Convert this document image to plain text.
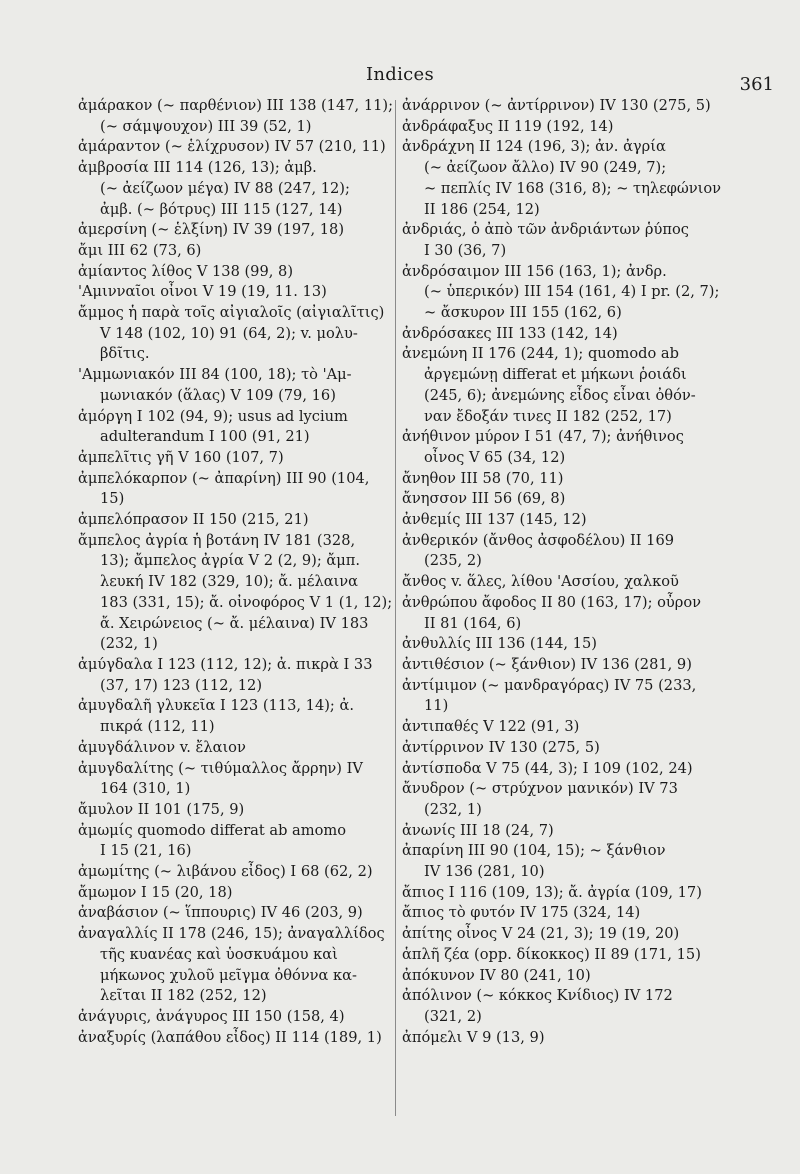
Indices	361
ἀμάρακον (~ παρθένιον) III 138 (147, 11);
(~ σάμψουχον) III 39 (52, 1)
ἀμάραντον (~ ἑλίχρυσον) IV 57 (210, 11)
ἀμβροσία III 114 (126, 13); ἀμβ.
(~ ἀείζωον μέγα) IV 88 (247, 12);
ἀμβ. (~ βότρυς) III 115 (127, 14)
ἀμερσίνη (~ ἑλξίνη) IV 39 (197, 18)
ἄμι III 62 (73, 6)
ἀμίαντος λίθος V 138 (99, 8)
'Αμινναῖοι οἶνοι V 19 (19, 11. 13)
ἄμμος ἡ παρὰ τοῖς αἰγιαλοῖς (αἰγιαλῖτις)
V 148 (102, 10) 91 (64, 2); v. μολυ-
βδῖτις.
'Αμμωνιακόν III 84 (100, 18); τὸ 'Αμ-
μωνιακόν (ἅλας) V 109 (79, 16)
ἀμόργη I 102 (94, 9); usus ad lycium
adulterandum I 100 (91, 21)
ἀμπελῖτις γῆ V 160 (107, 7)
ἀμπελόκαρπον (~ ἀπαρίνη) III 90 (104,
15)
ἀμπελόπρασον II 150 (215, 21)
ἄμπελος ἀγρία ἡ βοτάνη IV 181 (328,
13); ἄμπελος ἀγρία V 2 (2, 9); ἄμπ.
λευκή IV 182 (329, 10); ἄ. μέλαινα
183 (331, 15); ἄ. οἰνοφόρος V 1 (1, 12);
ἄ. Χειρώνειος (~ ἄ. μέλαινα) IV 183
(232, 1)
ἀμύγδαλα I 123 (112, 12); ἀ. πικρὰ I 33
(37, 17) 123 (112, 12)
ἀμυγδαλῆ γλυκεῖα I 123 (113, 14); ἀ.
πικρά (112, 11)
ἀμυγδάλινον v. ἔλαιον
ἀμυγδαλίτης (~ τιθύμαλλος ἄρρην) IV
164 (310, 1)
ἄμυλον II 101 (175, 9)
ἀμωμίς quomodo differat ab amomo
I 15 (21, 16)
ἀμωμίτης (~ λιβάνου εἶδος) I 68 (62, 2)
ἄμωμον I 15 (20, 18)
ἀναβάσιον (~ ἵππουρις) IV 46 (203, 9)
ἀναγαλλίς II 178 (246, 15); ἀναγαλλίδος
τῆς κυανέας καὶ ὑοσκυάμου καὶ
μήκωνος χυλοῦ μεῖγμα ὀθόννα κα-
λεῖται II 182 (252, 12)
ἀνάγυρις, ἀνάγυρος III 150 (158, 4)
ἀναξυρίς (λαπάθου εἶδος) II 114 (189, 1)
ἀνάρρινον (~ ἀντίρρινον) IV 130 (275, 5)
ἀνδράφαξυς II 119 (192, 14)
ἀνδράχνη II 124 (196, 3); ἀν. ἀγρία
(~ ἀείζωον ἄλλο) IV 90 (249, 7);
~ πεπλίς IV 168 (316, 8); ~ τηλεφώνιον
II 186 (254, 12)
ἀνδριάς, ὁ ἀπὸ τῶν ἀνδριάντων ῥύπος
I 30 (36, 7)
ἀνδρόσαιμον III 156 (163, 1); ἀνδρ.
(~ ὑπερικόν) III 154 (161, 4) I pr. (2, 7);
~ ἄσκυρον III 155 (162, 6)
ἀνδρόσακες III 133 (142, 14)
ἀνεμώνη II 176 (244, 1); quomodo ab
ἀργεμώνῃ differat et μήκωνι ῥοιάδι
(245, 6); ἀνεμώνης εἶδος εἶναι ὀθόν-
ναν ἔδοξάν τινες II 182 (252, 17)
ἀνήθινον μύρον I 51 (47, 7); ἀνήθινος
οἶνος V 65 (34, 12)
ἄνηθον III 58 (70, 11)
ἄνησσον III 56 (69, 8)
ἀνθεμίς III 137 (145, 12)
ἀνθερικόν (ἄνθος ἀσφοδέλου) II 169
(235, 2)
ἄνθος v. ἅλες, λίθου 'Ασσίου, χαλκοῦ
ἀνθρώπου ἄφοδος II 80 (163, 17); οὖρον
II 81 (164, 6)
ἀνθυλλίς III 136 (144, 15)
ἀντιθέσιον (~ ξάνθιον) IV 136 (281, 9)
ἀντίμιμον (~ μανδραγόρας) IV 75 (233,
11)
ἀντιπαθές V 122 (91, 3)
ἀντίρρινον IV 130 (275, 5)
ἀντίσποδα V 75 (44, 3); I 109 (102, 24)
ἄνυδρον (~ στρύχνον μανικόν) IV 73
(232, 1)
ἀνωνίς III 18 (24, 7)
ἀπαρίνη III 90 (104, 15); ~ ξάνθιον
IV 136 (281, 10)
ἄπιος I 116 (109, 13); ἄ. ἀγρία (109, 17)
ἄπιος τὸ φυτόν IV 175 (324, 14)
ἀπίτης οἶνος V 24 (21, 3); 19 (19, 20)
ἁπλῆ ζέα (opp. δίκοκκος) II 89 (171, 15)
ἀπόκυνον IV 80 (241, 10)
ἀπόλινον (~ κόκκος Κνίδιος) IV 172
(321, 2)
ἀπόμελι V 9 (13, 9)
